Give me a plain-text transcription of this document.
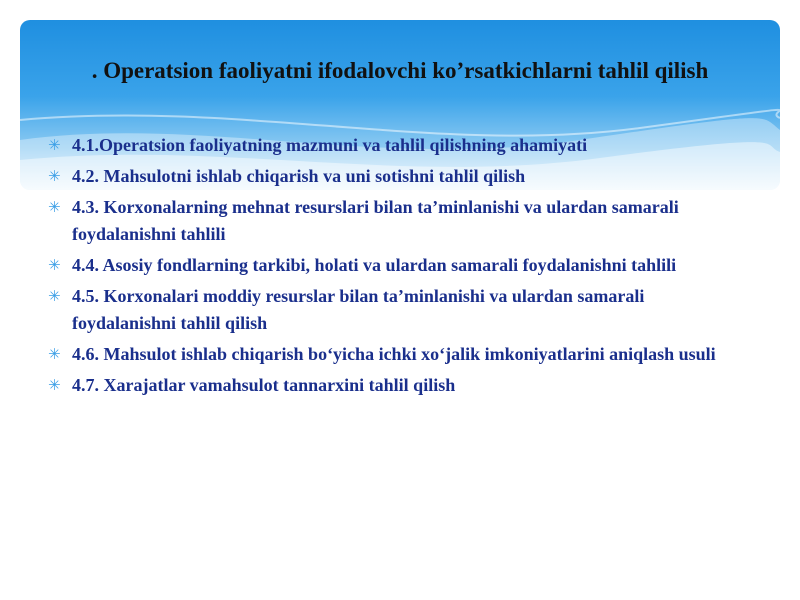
. Operatsion faoliyatni ifodalovchi ko’rsatkichlarni tahlil qilish
✳ 4.1.Operatsion faoliyatning mazmuni va tahlil qilishning ahamiyati
✳ 4.2. Mahsulotni ishlab chiqarish va uni sotishni tahlil qilish
✳ 4.3. Korxonalarning mehnat resurslari bilan ta’minlanishi va ulardan samarali foydalanishni tahlili
✳ 4.4. Asosiy fondlarning tarkibi, holati va ulardan samarali foydalanishni tahlili
✳ 4.5. Korxonalari moddiy resurslar bilan ta’minlanishi va ulardan samarali foydalanishni tahlil qilish
✳ 4.6. Mahsulot ishlab chiqarish bo‘yicha ichki xo‘jalik imkoniyatlarini aniqlash usuli
✳ 4.7. Xarajatlar vamahsulot tannarxini tahlil qilish
